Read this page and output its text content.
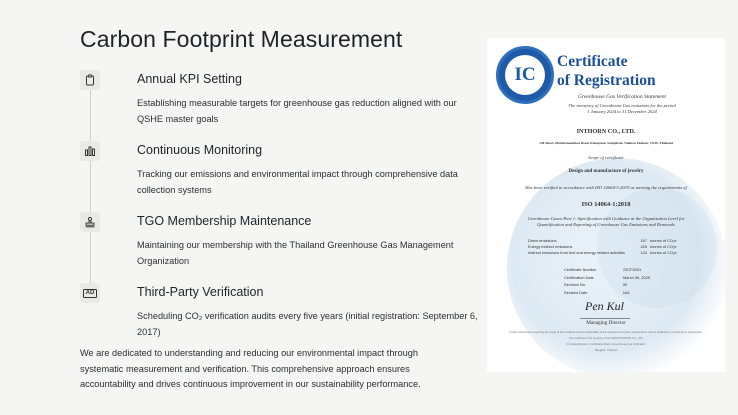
Carbon Footprint Measurement
Annual KPI Setting
Establishing measurable targets for greenhouse gas reduction aligned with our QSHE master goals
Continuous Monitoring
Tracking our emissions and environmental impact through comprehensive data collection systems
TGO Membership Maintenance
Maintaining our membership with the Thailand Greenhouse Gas Management Organization
AD	Third-Party Verification
Scheduling CO₂ verification audits every five years (initial registration: September 6, 2017)
We are dedicated to understanding and reducing our environmental impact through systematic measurement and verification. This comprehensive approach ensures accountability and drives continuous improvement in our sustainability performance.
IC
Certificate
of Registration
Greenhouse Gas Verification Statement
The inventory of Greenhouse Gas emissions for the period
1 January 2024 to 31 December 2024
INTHORN CO., LTD.
128 Moo3, Phutthamonthon Road, Khonpmai, Samphran, Nakhon Pathom, 73110, Thailand
Scope of certificate
Design and manufacture of jewelry
Has been verified in accordance with ISO 14064-3:2019 as meeting the requirements of
ISO 14064-1:2018
Greenhouse Gases-Part 1: Specification with Guidance at the Organization Level for
Quantification and Reporting of Greenhouse Gas Emissions and Removals
Direct emissions	167 tonnes of CO₂e
Energy indirect emissions	425 tonnes of CO₂e
Indirect emissions from fuel and energy related activities	124 tonnes of CO₂e
Certificate Number	23CF0001
Certification Date	March 06, 2025
Revision No.	00
Revised Date	N/A
Pen Kul
Managing Director
Further clarifications regarding the scope of this certificate and the applicability of the management system requirements may be obtained by consulting the organization.
This certificate is the property of ISO CERTIFICATION CO., LTD.
IC Global Partners | Certification Body | Greenhouse Gas Verification
Bangkok, Thailand
